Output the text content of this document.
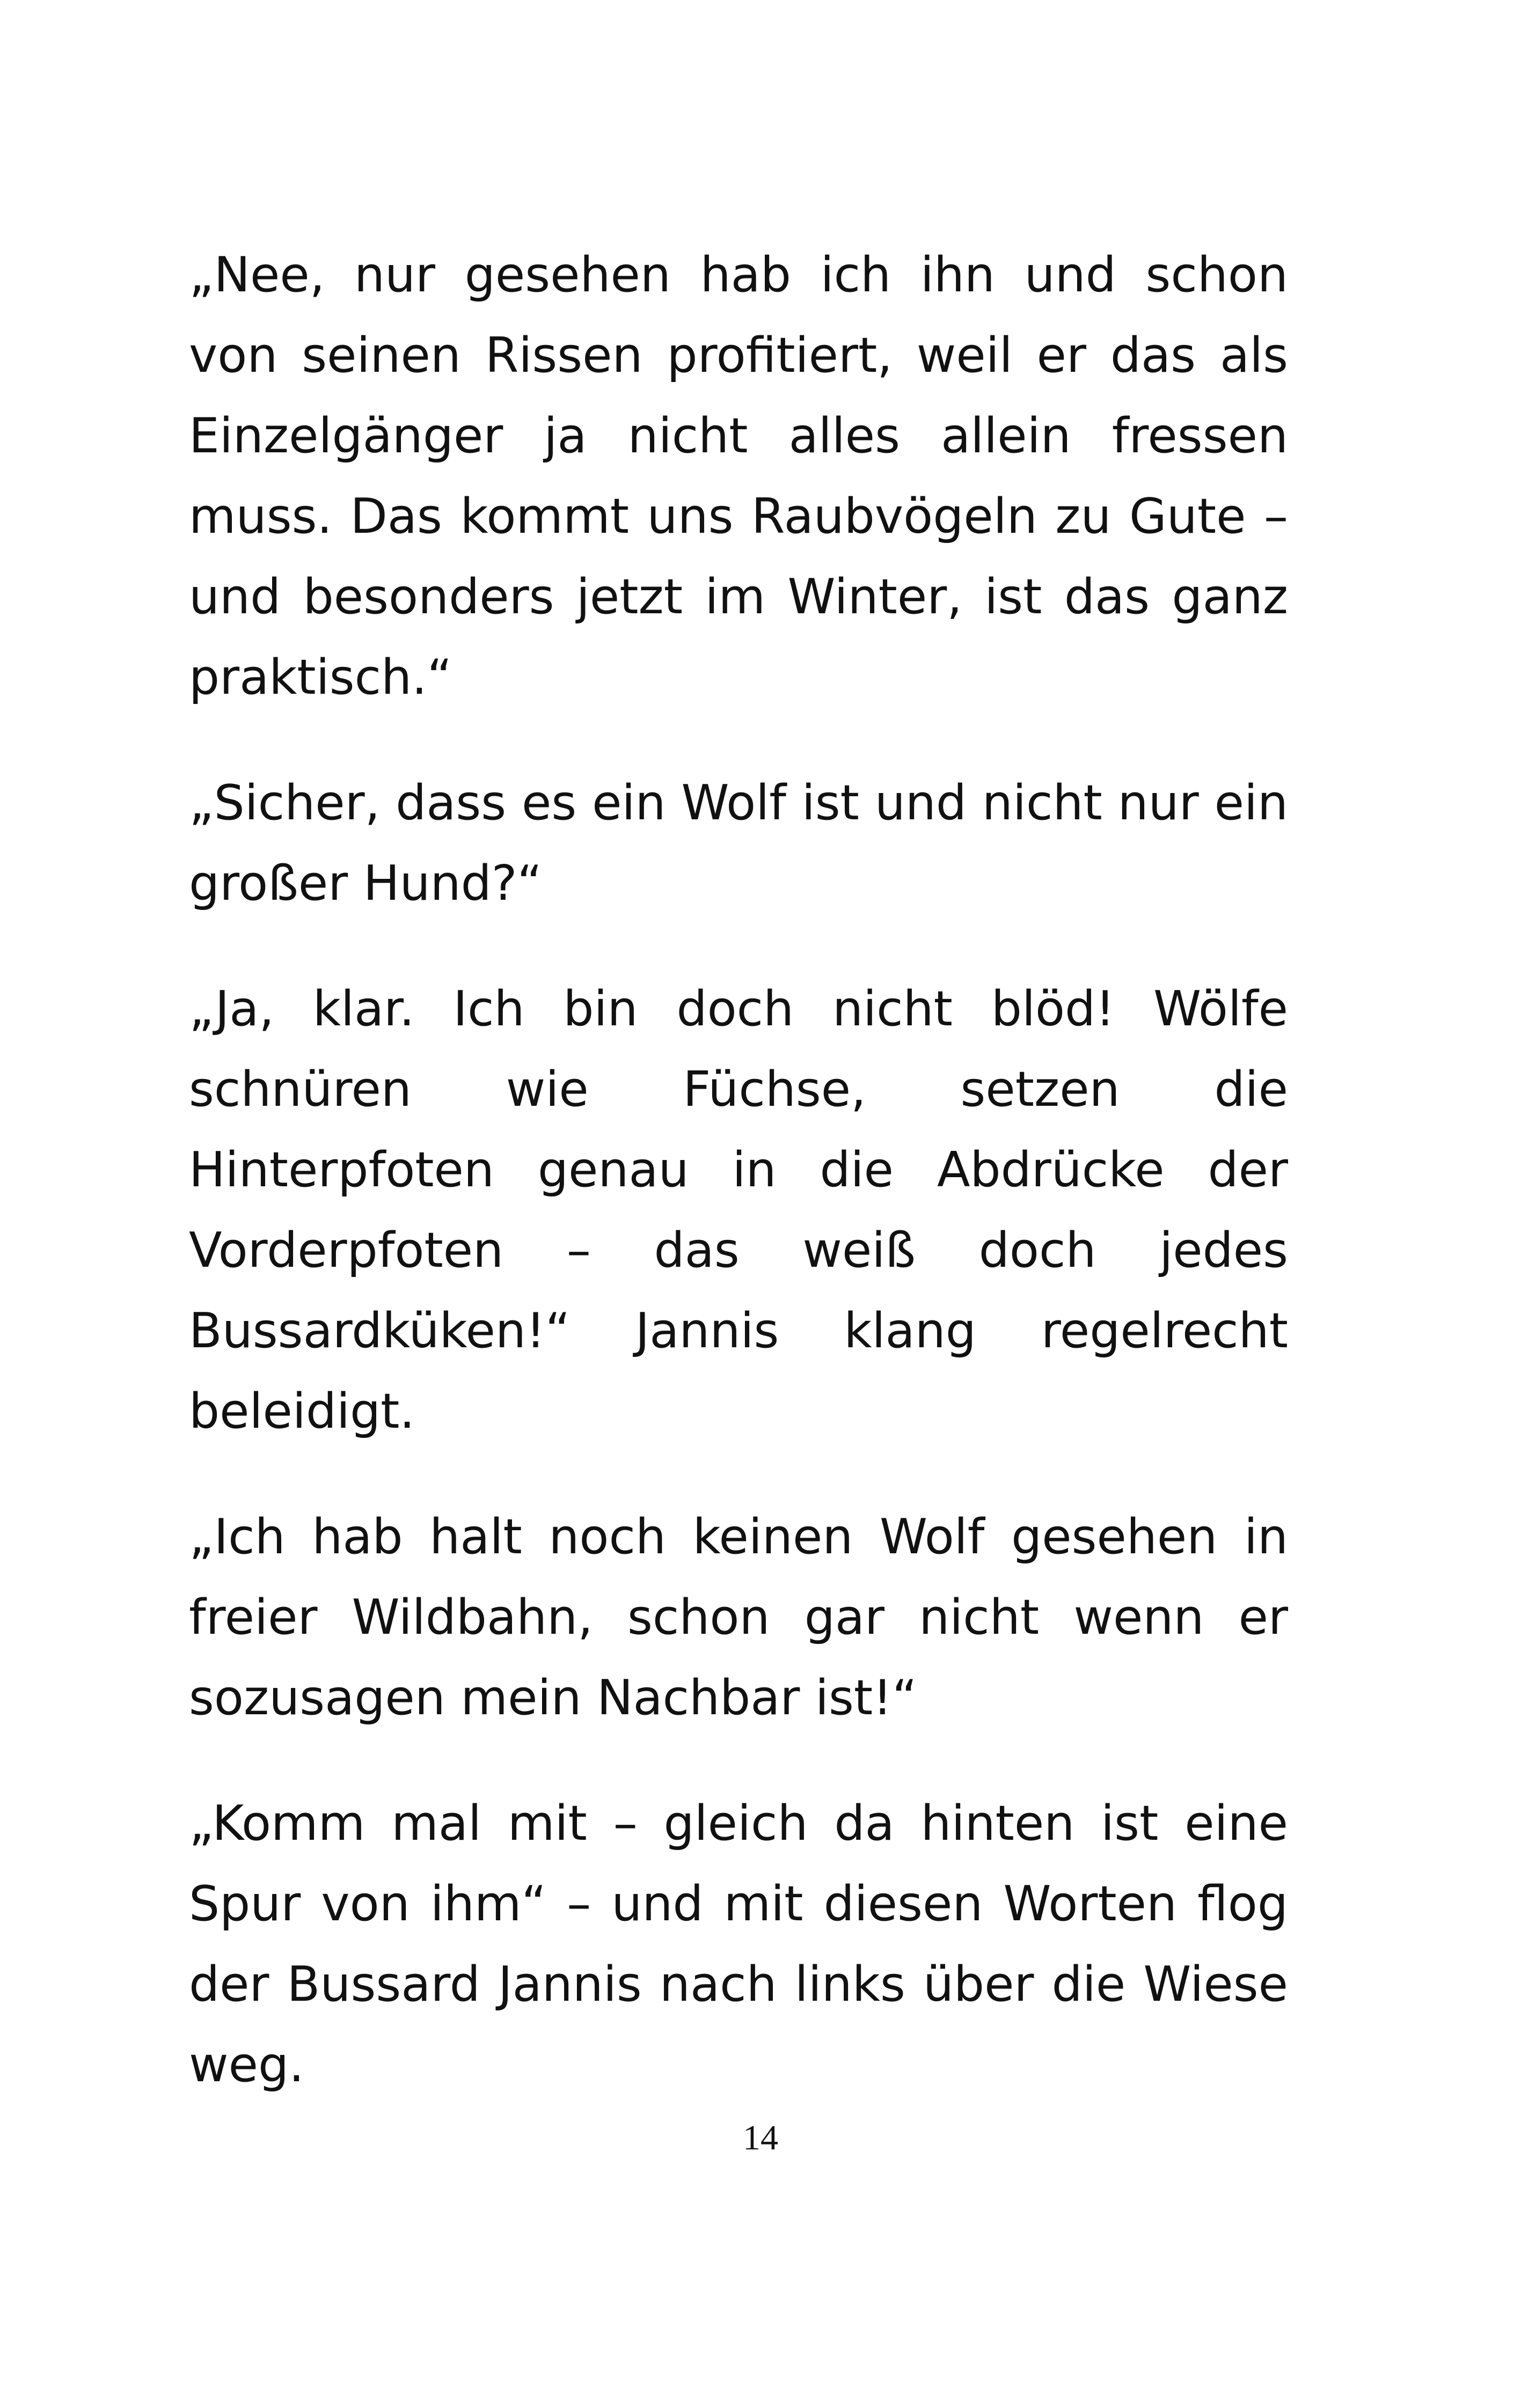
„Nee, nur gesehen hab ich ihn und schon von seinen Rissen profitiert, weil er das als Einzelgänger ja nicht alles allein fressen muss. Das kommt uns Raubvögeln zu Gute – und besonders jetzt im Winter, ist das ganz praktisch.“

„Sicher, dass es ein Wolf ist und nicht nur ein großer Hund?“

„Ja, klar. Ich bin doch nicht blöd! Wölfe schnüren wie Füchse, setzen die Hinterpfoten genau in die Abdrücke der Vorderpfoten – das weiß doch jedes Bussardküken!“ Jannis klang regelrecht beleidigt.

„Ich hab halt noch keinen Wolf gesehen in freier Wildbahn, schon gar nicht wenn er sozusagen mein Nachbar ist!“

„Komm mal mit – gleich da hinten ist eine Spur von ihm“ – und mit diesen Worten flog der Bussard Jannis nach links über die Wiese weg.

14
